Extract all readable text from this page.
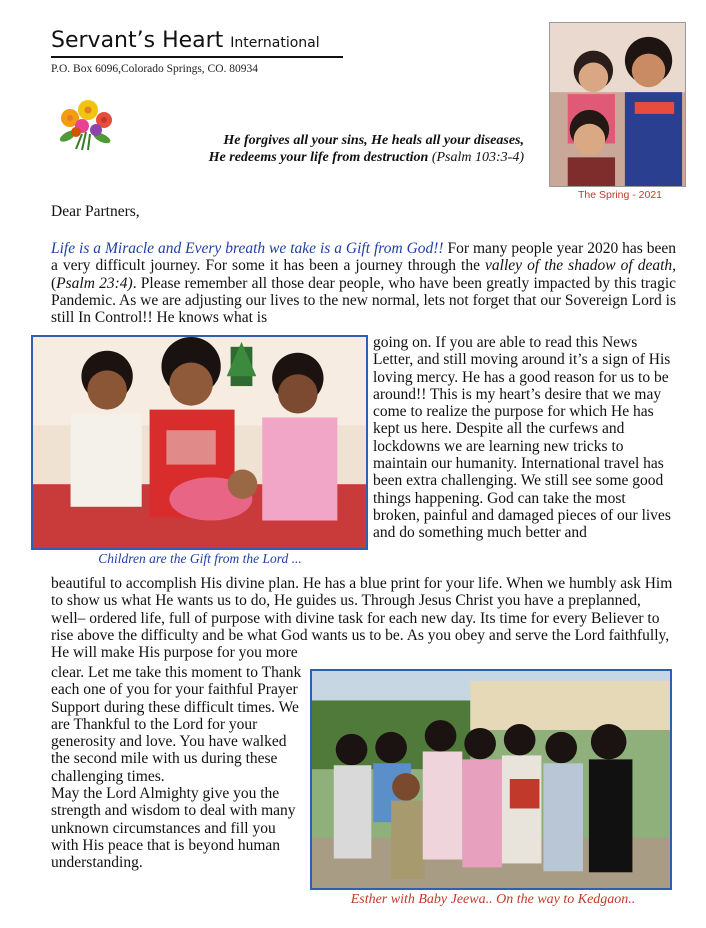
Servant’s Heart International
P.O. Box 6096,Colorado Springs, CO. 80934
He forgives all your sins, He heals all your diseases,
He redeems your life from destruction (Psalm 103:3-4)
The Spring - 2021
Dear Partners,
Life is a Miracle and Every breath we take is a Gift from God!! For many people year 2020 has been a very difficult journey. For some it has been a journey through the valley of the shadow of death, (Psalm 23:4). Please remember all those dear people, who have been greatly impacted by this tragic Pandemic. As we are adjusting our lives to the new normal, lets not forget that our Sovereign Lord is still In Control!! He knows what is
Children are the Gift from the Lord ...
going on. If you are able to read this News Letter, and still moving around it’s a sign of His loving mercy. He has a good reason for us to be around!! This is my heart’s desire that we may come to realize the purpose for which He has kept us here. Despite all the curfews and lockdowns we are learning new tricks to maintain our humanity. International travel has been extra challenging. We still see some good things happening. God can take the most broken, painful and damaged pieces of our lives and do something much better and
beautiful to accomplish His divine plan. He has a blue print for your life. When we humbly ask Him to show us what He wants us to do, He guides us. Through Jesus Christ you have a preplanned, well– ordered life, full of purpose with divine task for each new day. Its time for every Believer to rise above the difficulty and be what God wants us to be. As you obey and serve the Lord faithfully, He will make His purpose for you more
clear. Let me take this moment to Thank each one of you for your faithful Prayer Support during these difficult times. We are Thankful to the Lord for your generosity and love. You have walked the second mile with us during these challenging times.
May the Lord Almighty give you the strength and wisdom to deal with many unknown circumstances and fill you with His peace that is beyond human understanding.
Esther with Baby Jeewa.. On the way to Kedgaon..
